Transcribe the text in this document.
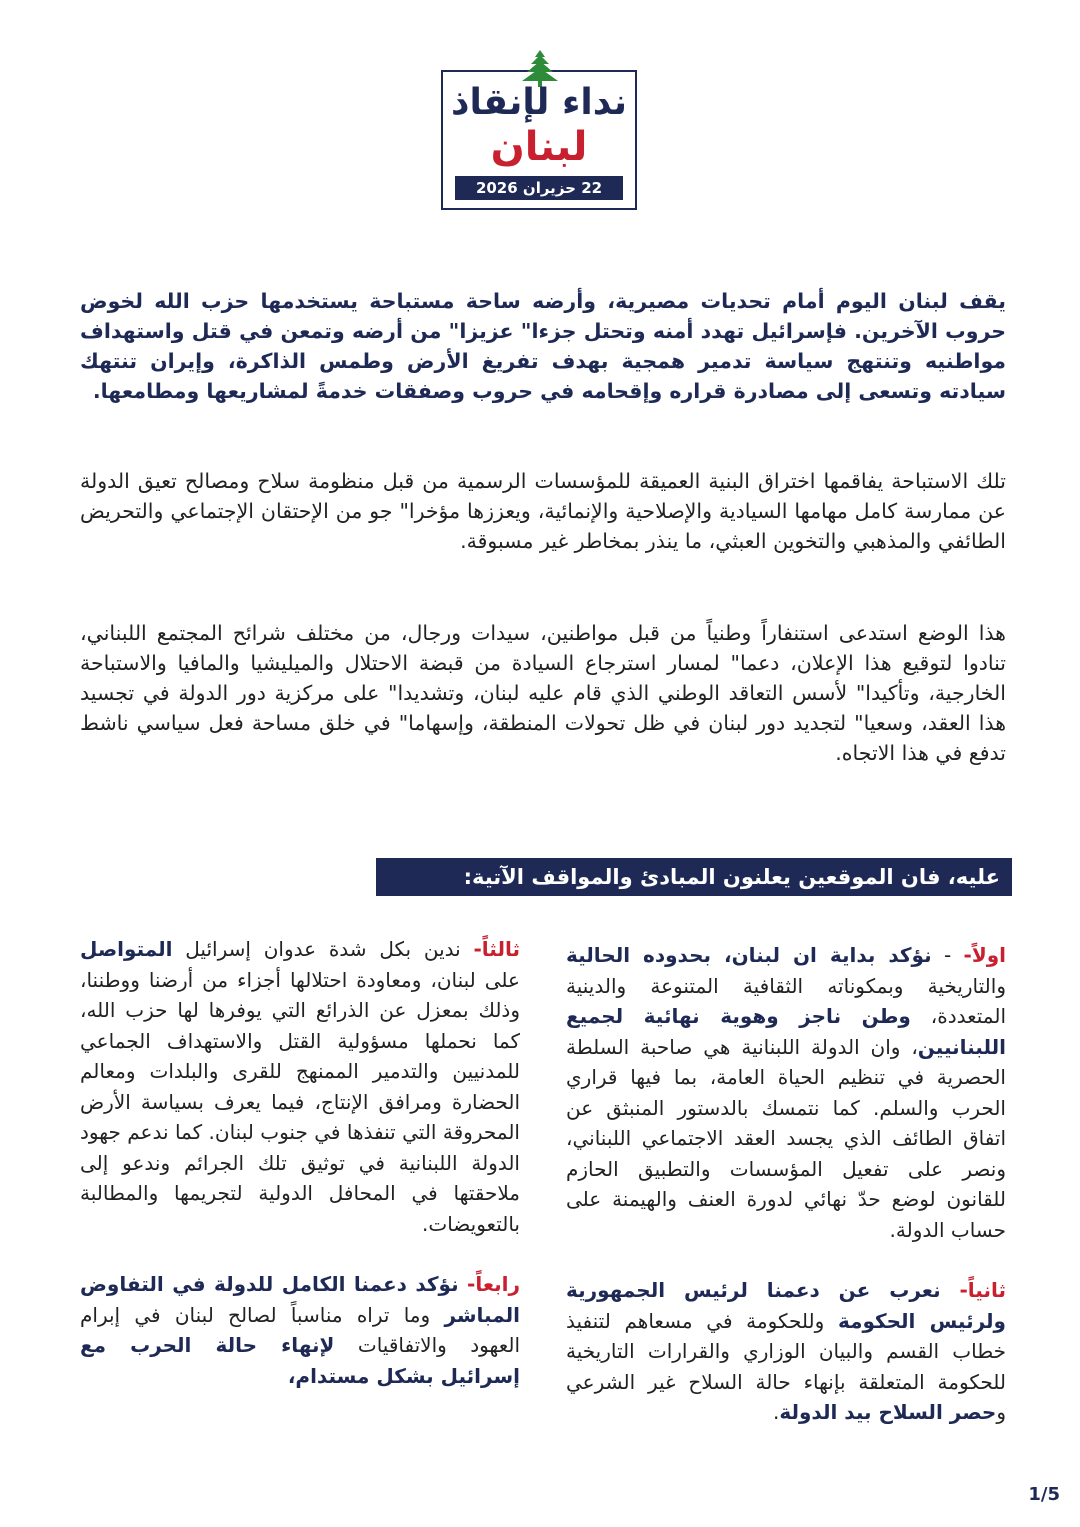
نداء لإنقاذ
لبنان
22 حزيران 2026

يقف لبنان اليوم أمام تحديات مصيرية، وأرضه ساحة مستباحة يستخدمها حزب الله لخوض حروب الآخرين. فإسرائيل تهدد أمنه وتحتل جزءا" عزيزا" من أرضه وتمعن في قتل واستهداف مواطنيه وتنتهج سياسة تدمير همجية بهدف تفريغ الأرض وطمس الذاكرة، وإيران تنتهك سيادته وتسعى إلى مصادرة قراره وإقحامه في حروب وصفقات خدمةً لمشاريعها ومطامعها.

تلك الاستباحة يفاقمها اختراق البنية العميقة للمؤسسات الرسمية من قبل منظومة سلاح ومصالح تعيق الدولة عن ممارسة كامل مهامها السيادية والإصلاحية والإنمائية، ويعززها مؤخرا" جو من الإحتقان الإجتماعي والتحريض الطائفي والمذهبي والتخوين العبثي، ما ينذر بمخاطر غير مسبوقة.

هذا الوضع استدعى استنفاراً وطنياً من قبل مواطنين، سيدات ورجال، من مختلف شرائح المجتمع اللبناني، تنادوا لتوقيع هذا الإعلان، دعما" لمسار استرجاع السيادة من قبضة الاحتلال والميليشيا والمافيا والاستباحة الخارجية، وتأكيدا" لأسس التعاقد الوطني الذي قام عليه لبنان، وتشديدا" على مركزية دور الدولة في تجسيد هذا العقد، وسعيا" لتجديد دور لبنان في ظل تحولات المنطقة، وإسهاما" في خلق مساحة فعل سياسي ناشط تدفع في هذا الاتجاه.

عليه، فان الموقعين يعلنون المبادئ والمواقف الآتية:

اولاً- - نؤكد بداية ان لبنان، بحدوده الحالية والتاريخية وبمكوناته الثقافية المتنوعة والدينية المتعددة، وطن ناجز وهوية نهائية لجميع اللبنانيين، وان الدولة اللبنانية هي صاحبة السلطة الحصرية في تنظيم الحياة العامة، بما فيها قراري الحرب والسلم. كما نتمسك بالدستور المنبثق عن اتفاق الطائف الذي يجسد العقد الاجتماعي اللبناني، ونصر على تفعيل المؤسسات والتطبيق الحازم للقانون لوضع حدّ نهائي لدورة العنف والهيمنة على حساب الدولة.

ثانياً- نعرب عن دعمنا لرئيس الجمهورية ولرئيس الحكومة وللحكومة في مسعاهم لتنفيذ خطاب القسم والبيان الوزاري والقرارات التاريخية للحكومة المتعلقة بإنهاء حالة السلاح غير الشرعي وحصر السلاح بيد الدولة.

ثالثاً- ندين بكل شدة عدوان إسرائيل المتواصل على لبنان، ومعاودة احتلالها أجزاء من أرضنا ووطننا، وذلك بمعزل عن الذرائع التي يوفرها لها حزب الله، كما نحملها مسؤولية القتل والاستهداف الجماعي للمدنيين والتدمير الممنهج للقرى والبلدات ومعالم الحضارة ومرافق الإنتاج، فيما يعرف بسياسة الأرض المحروقة التي تنفذها في جنوب لبنان. كما ندعم جهود الدولة اللبنانية في توثيق تلك الجرائم وندعو إلى ملاحقتها في المحافل الدولية لتجريمها والمطالبة بالتعويضات.

رابعاً- نؤكد دعمنا الكامل للدولة في التفاوض المباشر وما تراه مناسباً لصالح لبنان في إبرام العهود والاتفاقيات لإنهاء حالة الحرب مع إسرائيل بشكل مستدام،

1/5
